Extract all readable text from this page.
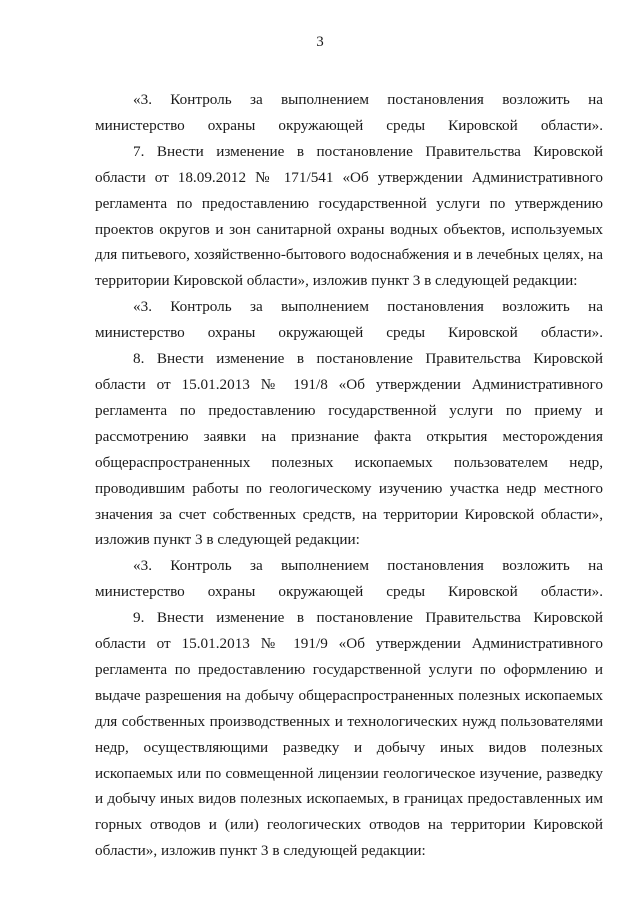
3

«3. Контроль за выполнением постановления возложить на министерство охраны окружающей среды Кировской области».

7. Внести изменение в постановление Правительства Кировской области от 18.09.2012 № 171/541 «Об утверждении Административного регламента по предоставлению государственной услуги по утверждению проектов округов и зон санитарной охраны водных объектов, используемых для питьевого, хозяйственно-бытового водоснабжения и в лечебных целях, на территории Кировской области», изложив пункт 3 в следующей редакции:

«3. Контроль за выполнением постановления возложить на министерство охраны окружающей среды Кировской области».

8. Внести изменение в постановление Правительства Кировской области от 15.01.2013 № 191/8 «Об утверждении Административного регламента по предоставлению государственной услуги по приему и рассмотрению заявки на признание факта открытия месторождения общераспространенных полезных ископаемых пользователем недр, проводившим работы по геологическому изучению участка недр местного значения за счет собственных средств, на территории Кировской области», изложив пункт 3 в следующей редакции:

«3. Контроль за выполнением постановления возложить на министерство охраны окружающей среды Кировской области».

9. Внести изменение в постановление Правительства Кировской области от 15.01.2013 № 191/9 «Об утверждении Административного регламента по предоставлению государственной услуги по оформлению и выдаче разрешения на добычу общераспространенных полезных ископаемых для собственных производственных и технологических нужд пользователями недр, осуществляющими разведку и добычу иных видов полезных ископаемых или по совмещенной лицензии геологическое изучение, разведку и добычу иных видов полезных ископаемых, в границах предоставленных им горных отводов и (или) геологических отводов на территории Кировской области», изложив пункт 3 в следующей редакции:
